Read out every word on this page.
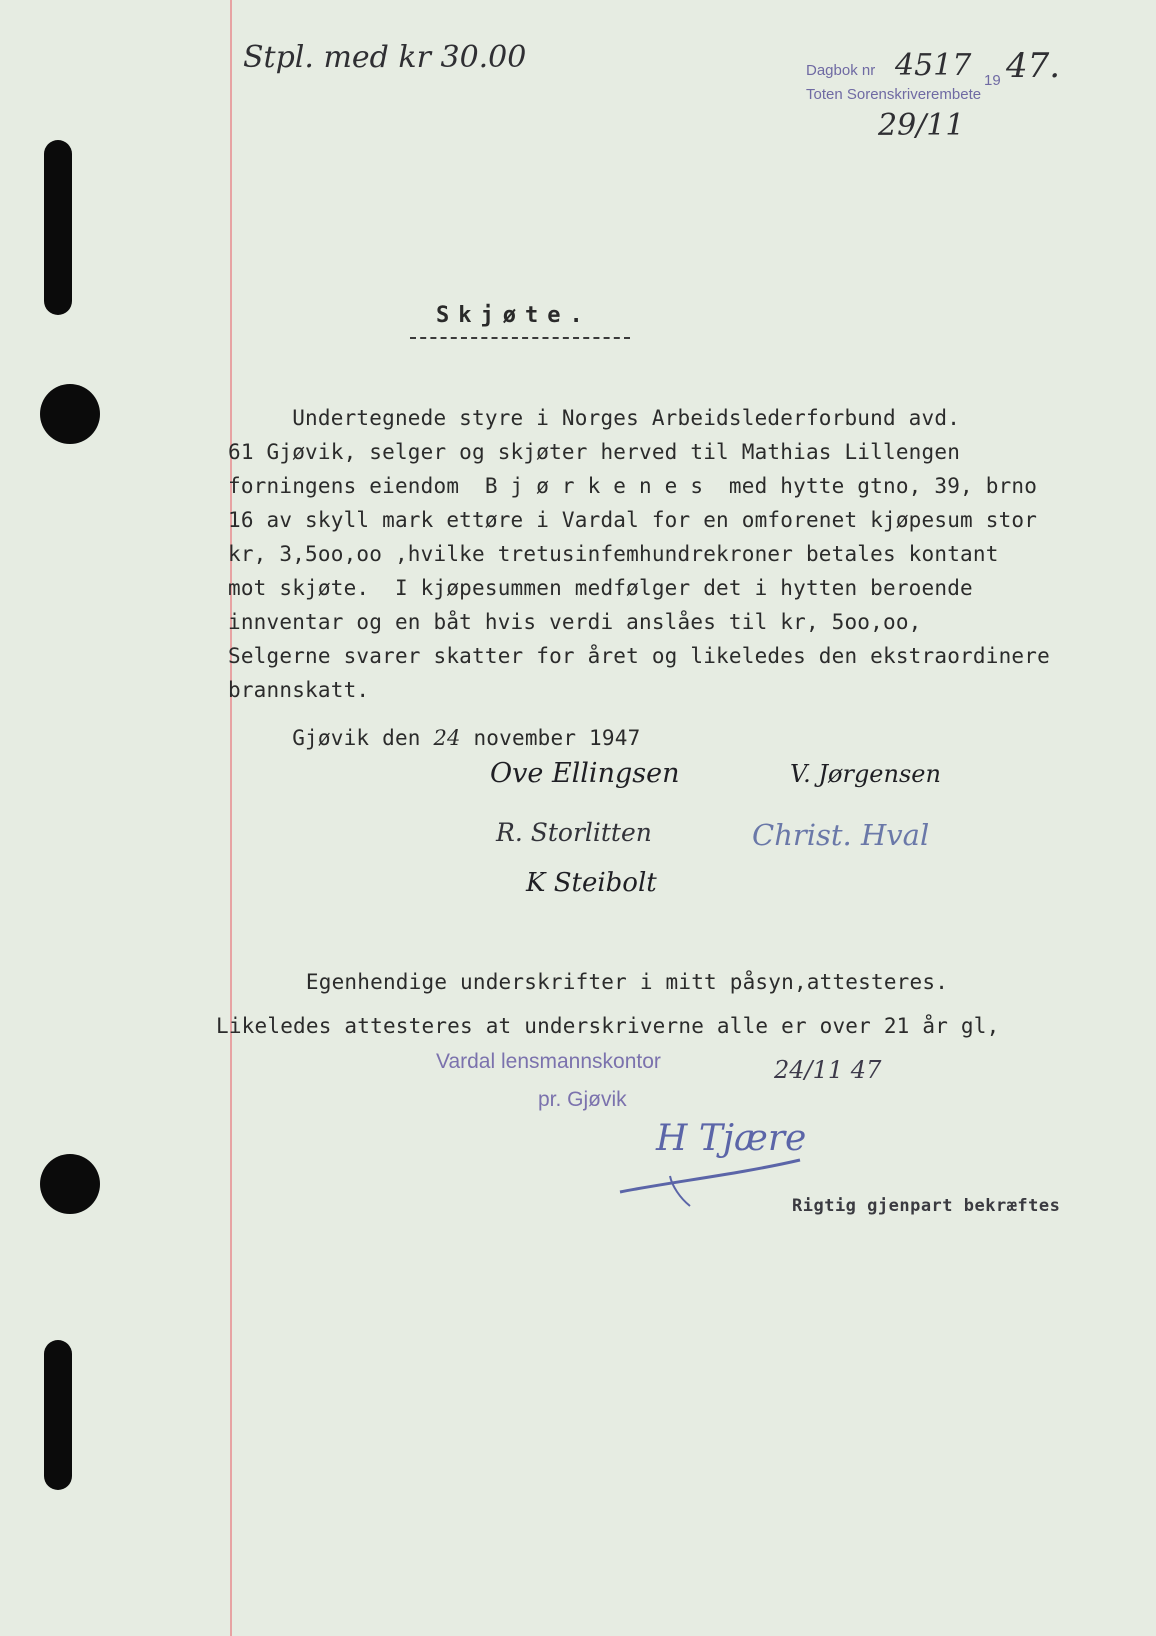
Stpl. med kr 30.00	Dagbok nr 4517 19 47.
Toten Sorenskriverembete
29/11
Skjøte.
Undertegnede styre i Norges Arbeidslederforbund avd.
61 Gjøvik, selger og skjøter herved til Mathias Lillengen
forningens eiendom  B j ø r k e n e s  med hytte gtno, 39, brno
16 av skyll mark ettøre i Vardal for en omforenet kjøpesum stor
kr, 3,5oo,oo ,hvilke tretusinfemhundrekroner betales kontant
mot skjøte.  I kjøpesummen medfølger det i hytten beroende
innventar og en båt hvis verdi anslåes til kr, 5oo,oo,
Selgerne svarer skatter for året og likeledes den ekstraordinere
brannskatt.
Gjøvik den 24 november 1947
Ove Ellingsen	V. Jørgensen
R. Storlitten	Christ. Hval
K Steibolt
Egenhendige underskrifter i mitt påsyn,attesteres.
Likeledes attesteres at underskriverne alle er over 21 år gl,
Vardal lensmannskontor
pr. Gjøvik
24/11 47
H Tjære
Rigtig gjenpart bekræftes
